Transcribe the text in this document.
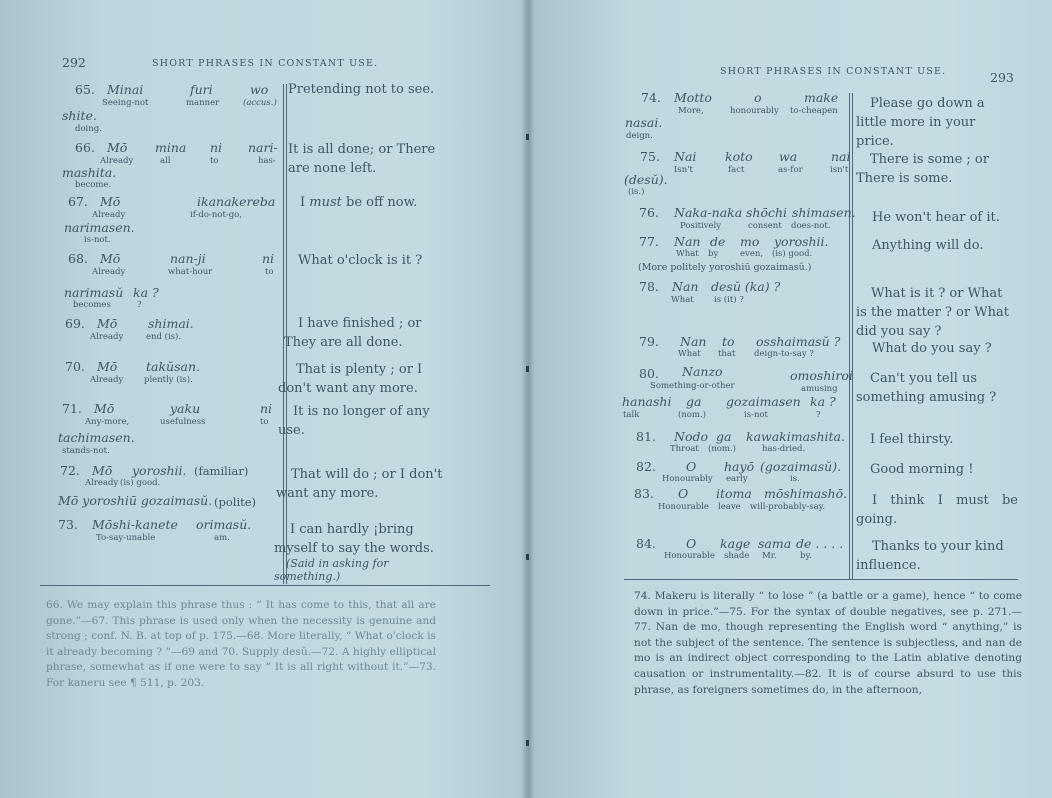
292	SHORT PHRASES IN CONSTANT USE.
65. Minai	furi	wo
Seeing-not	manner	(accus.)
shite.
doing.
Pretending not to see.
66. Mō mina ni nari-
Already	all	to	has-
mashita.
become.
It is all done; or There are none left.
67. Mō	ikanakereba
Already	if-do-not-go,
narimasen.
is-not.
I must be off now.
68. Mō	nan-ji	ni
Already	what-hour	to
narimasŭ ka ?
becomes	?
What o'clock is it ?
69. Mō shimai.
Already	end (is).
I have finished ; or They are all done.
70. Mō takŭsan.
Already plently (is).
That is plenty ; or I don't want any more.
71. Mō	yaku	ni
Any-more,	usefulness	to
tachimasen.
stands-not.
It is no longer of any use.
72. Mō yoroshii. (familiar)
Already (is) good.
Mō yoroshiū gozaimasŭ. (polite)
That will do ; or I don't want any more.
73. Mōshi-kanete orimasŭ.
To-say-unable	am.
I can hardly ¡bring myself to say the words.
(Said in asking for something.)
66. We may explain this phrase thus : “ It has come to this, that all are gone.”—67. This phrase is used only when the necessity is genuine and strong ; conf. N. B. at top of p. 175.—68. More literally, “ What o'clock is it already becoming ? ”—69 and 70. Supply desŭ.—72. A highly elliptical phrase, somewhat as if one were to say “ It is all right without it.”—73. For kaneru see ¶ 511, p. 203.
SHORT PHRASES IN CONSTANT USE.	293
74. Motto	o	make
More,	honourably to-cheapen
nasai.
deign.
Please go down a little more in your price.
75. Nai koto wa	nai
Isn't	fact	as-for	isn't
(desŭ).
(is.)
There is some ; or There is some.
76. Naka-naka shōchi shimasen.
Positively	consent does-not.
He won't hear of it.
77. Nan de mo yoroshii.
What by	even, (is) good.
(More politely yoroshiū gozaimasŭ.)
Anything will do.
78. Nan desŭ (ka) ?
What is (it) ?	What is it ? or What is the matter ? or What did you say ?
79. Nan to osshaimasŭ ?
What that deign-to-say ?	What do you say ?
80. Nanzo	omoshiroi
Something-or-other	amusing
hanashi ga gozaimasen ka ?
talk	(nom.)	is-not	?
Can't you tell us something amusing ?
81. Nodo ga kawakimashita.
Throat (nom.)	has-dried.
I feel thirsty.
82. O hayō (gozaimasŭ).
Honourably early	is.
Good morning !
83. O itoma mōshimashō.
Honourable leave will-probably-say.	I think I must be going.
84. O kage sama de . . . .
Honourable shade Mr.	by.
Thanks to your kind influence.
74. Makeru is literally “ to lose ” (a battle or a game), hence “ to come down in price.”—75. For the syntax of double negatives, see p. 271.—77. Nan de mo, though representing the English word “ anything,” is not the subject of the sentence. The sentence is subjectless, and nan de mo is an indirect object corresponding to the Latin ablative denoting causation or instrumentality.—82. It is of course absurd to use this phrase, as foreigners sometimes do, in the afternoon,
